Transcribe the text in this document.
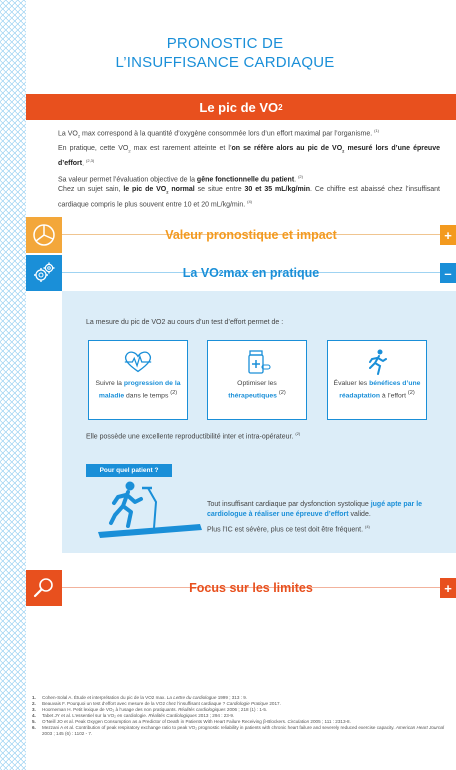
PRONOSTIC DE
L’INSUFFISANCE CARDIAQUE
Le pic de VO 2

La $VO_2$ max correspond à la quantité d’oxygène consommée lors d’un effort maximal par l’organisme. $^{(1)}$

En pratique, cette $VO_2$ max est rarement atteinte et l’on se réfère alors au pic de $VO_2$ mesuré lors d’une épreuve d’effort. $^{(2,3)}$

Sa valeur permet l’évaluation objective de la gêne fonctionnelle du patient. $^{(2)}$
Chez un sujet sain, le pic de $VO_2$ normal se situe entre 30 et 35 mL/kg/min. Ce chiffre est abaissé chez l’insuffisant cardiaque compris le plus souvent entre 10 et 20 mL/kg/min. $^{(4)}$

Valeur pronostique et impact	+
La VO 2 max en pratique	–
La mesure du pic de VO2 au cours d’un test d’effort permet de :
Suivre la progression de la maladie dans le temps $^{(2)}$
Optimiser les thérapeutiques $^{(2)}$
Évaluer les bénéfices d’une réadaptation à l’effort $^{(2)}$
Elle possède une excellente reproductibilité inter et intra-opérateur. $^{(2)}$
Pour quel patient ?

Tout insuffisant cardiaque par dysfonction systolique jugé apte par le cardiologue à réaliser une épreuve d’effort valide.

Plus l’IC est sévère, plus ce test doit être fréquent. $^{(4)}$

Focus sur les limites	+
1.	Cohen-Solal A. Étude et interprétation du pic de la VO2 max. La Lettre du cardiologue 1999 ; 313 : 9.
2.	Beauvais F. Pourquoi un test d’effort avec mesure de la VO2 chez l’insuffisant cardiaque ? Cardiologie Pratique 2017.
3.	Hoorneman H. Petit lexique de VO₂ à l’usage des non pratiquants. Réalités cardiologiques 2006 ; 218 (1) : 1-5.
4.	Tabet JY et al. L’essentiel sur la VO₂ en cardiologie. Réalités Cardiologiques 2013 ; 294 : 23-9.
5.	O’Neill JO et al. Peak Oxygen Consumption as a Predictor of Death in Patients With Heart Failure Receiving β-Blockers. Circulation 2005 ; 111 : 2313-8.
6.	Mezzani A et al. Contribution of peak respiratory exchange ratio to peak VO₂ prognostic reliability in patients with chronic heart failure and severely reduced exercise capacity. American Heart Journal 2003 ; 145 (6) : 1102 - 7.
